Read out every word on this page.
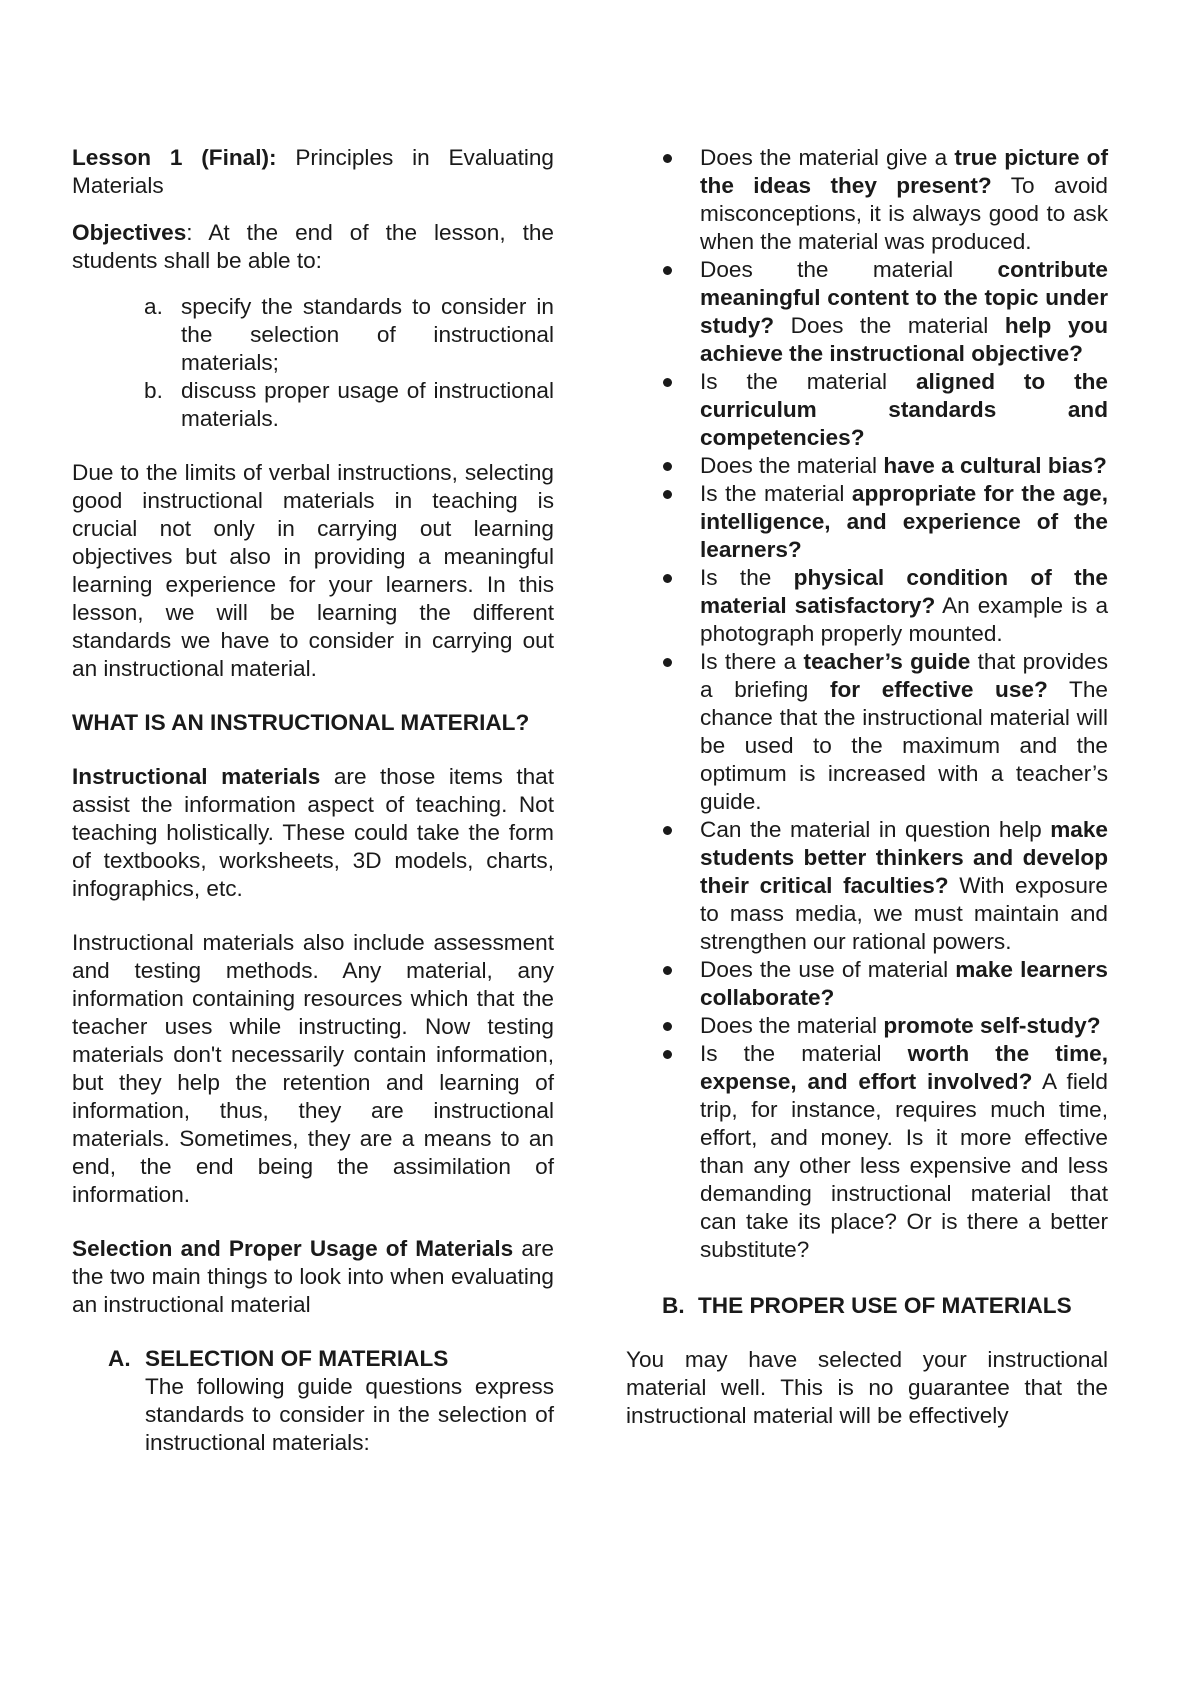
Lesson 1 (Final): Principles in Evaluating Materials

Objectives: At the end of the lesson, the students shall be able to:

a. specify the standards to consider in the selection of instructional materials;
b. discuss proper usage of instructional materials.

Due to the limits of verbal instructions, selecting good instructional materials in teaching is crucial not only in carrying out learning objectives but also in providing a meaningful learning experience for your learners. In this lesson, we will be learning the different standards we have to consider in carrying out an instructional material.

WHAT IS AN INSTRUCTIONAL MATERIAL?

Instructional materials are those items that assist the information aspect of teaching. Not teaching holistically. These could take the form of textbooks, worksheets, 3D models, charts, infographics, etc.

Instructional materials also include assessment and testing methods. Any material, any information containing resources which that the teacher uses while instructing. Now testing materials don't necessarily contain information, but they help the retention and learning of information, thus, they are instructional materials. Sometimes, they are a means to an end, the end being the assimilation of information.

Selection and Proper Usage of Materials are the two main things to look into when evaluating an instructional material

A. SELECTION OF MATERIALS

The following guide questions express standards to consider in the selection of instructional materials:

Does the material give a true picture of the ideas they present? To avoid misconceptions, it is always good to ask when the material was produced.
Does the material contribute meaningful content to the topic under study? Does the material help you achieve the instructional objective?
Is the material aligned to the curriculum standards and competencies?
Does the material have a cultural bias?
Is the material appropriate for the age, intelligence, and experience of the learners?
Is the physical condition of the material satisfactory? An example is a photograph properly mounted.
Is there a teacher’s guide that provides a briefing for effective use? The chance that the instructional material will be used to the maximum and the optimum is increased with a teacher’s guide.
Can the material in question help make students better thinkers and develop their critical faculties? With exposure to mass media, we must maintain and strengthen our rational powers.
Does the use of material make learners collaborate?
Does the material promote self-study?
Is the material worth the time, expense, and effort involved? A field trip, for instance, requires much time, effort, and money. Is it more effective than any other less expensive and less demanding instructional material that can take its place? Or is there a better substitute?

B. THE PROPER USE OF MATERIALS

You may have selected your instructional material well. This is no guarantee that the instructional material will be effectively
